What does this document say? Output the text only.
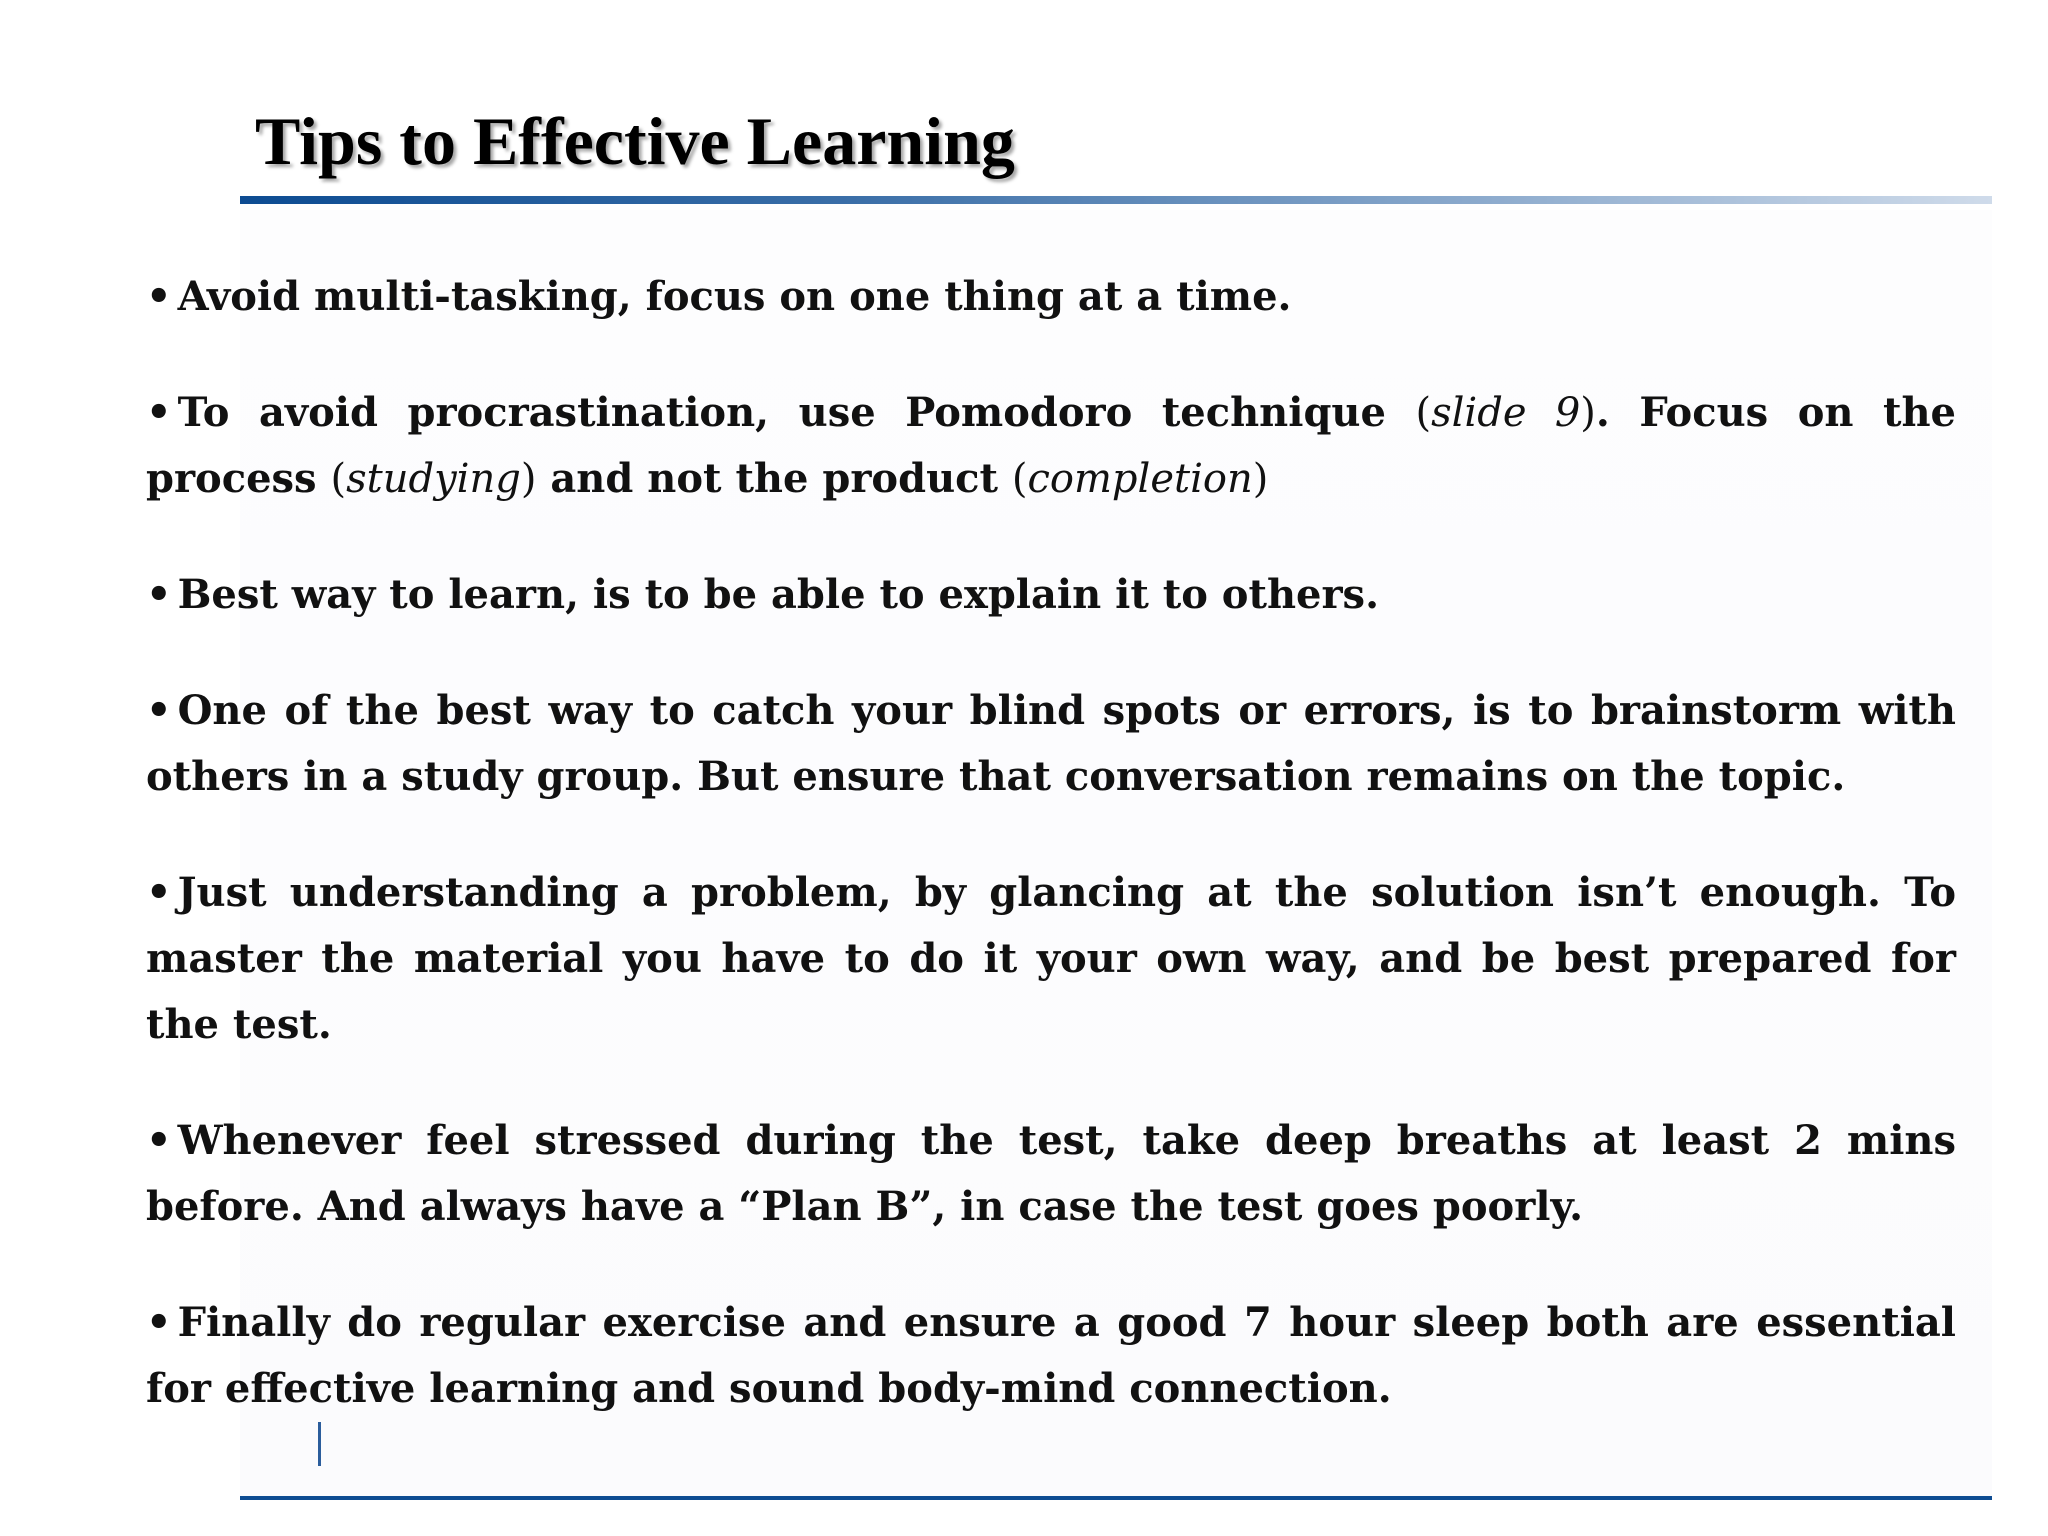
Tips to Effective Learning
• Avoid multi-tasking, focus on one thing at a time.
• To avoid procrastination, use Pomodoro technique (slide 9). Focus on the process (studying) and not the product (completion)
• Best way to learn, is to be able to explain it to others.
• One of the best way to catch your blind spots or errors, is to brainstorm with others in a study group. But ensure that conversation remains on the topic.
• Just understanding a problem, by glancing at the solution isn’t enough. To master the material you have to do it your own way, and be best prepared for the test.
• Whenever feel stressed during the test, take deep breaths at least 2 mins before. And always have a “Plan B”, in case the test goes poorly.
• Finally do regular exercise and ensure a good 7 hour sleep both are essential for effective learning and sound body-mind connection.
